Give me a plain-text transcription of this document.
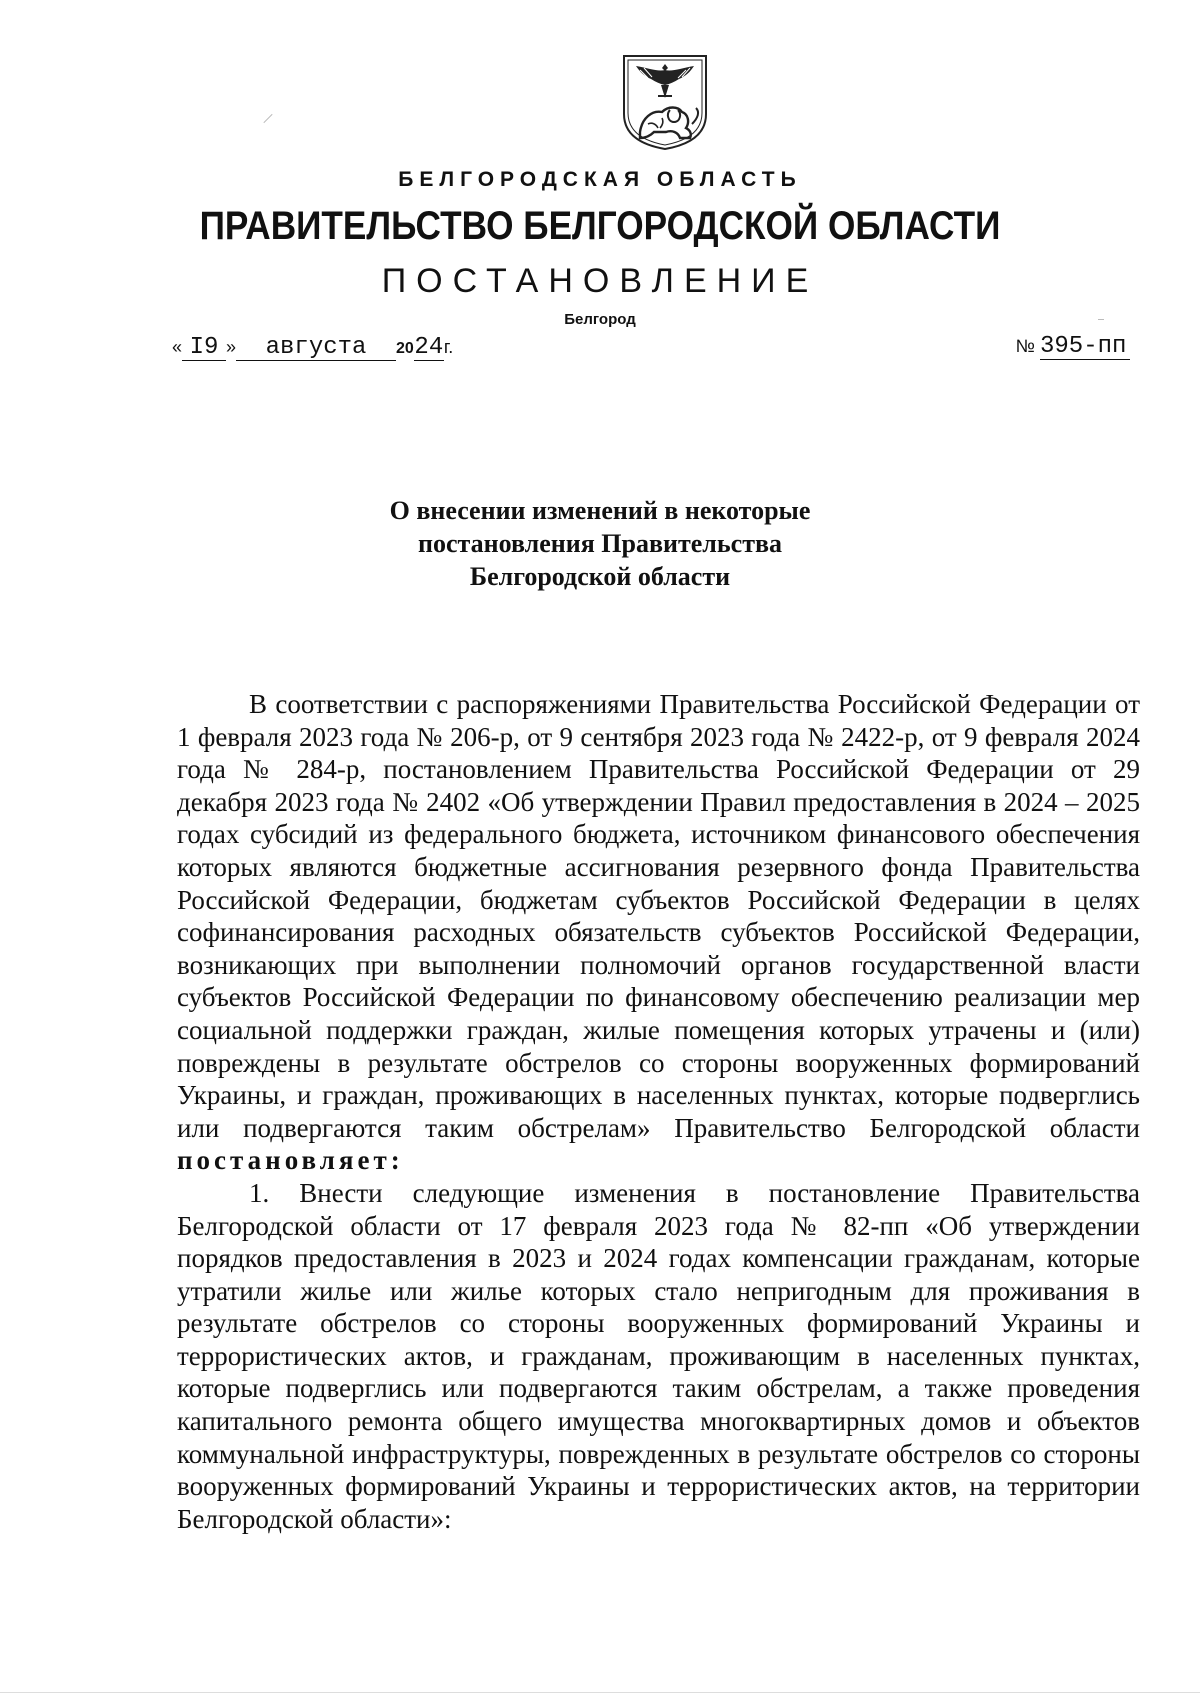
БЕЛГОРОДСКАЯ ОБЛАСТЬ
ПРАВИТЕЛЬСТВО БЕЛГОРОДСКОЙ ОБЛАСТИ
ПОСТАНОВЛЕНИЕ
Белгород
« I9 » августа 2024г.	№ 395-пп
О внесении изменений в некоторые
постановления Правительства
Белгородской области

В соответствии с распоряжениями Правительства Российской Федерации от 1 февраля 2023 года № 206-р, от 9 сентября 2023 года № 2422-р, от 9 февраля 2024 года № 284-р, постановлением Правительства Российской Федерации от 29 декабря 2023 года № 2402 «Об утверждении Правил предоставления в 2024 – 2025 годах субсидий из федерального бюджета, источником финансового обеспечения которых являются бюджетные ассигнования резервного фонда Правительства Российской Федерации, бюджетам субъектов Российской Федерации в целях софинансирования расходных обязательств субъектов Российской Федерации, возникающих при выполнении полномочий органов государственной власти субъектов Российской Федерации по финансовому обеспечению реализации мер социальной поддержки граждан, жилые помещения которых утрачены и (или) повреждены в результате обстрелов со стороны вооруженных формирований Украины, и граждан, проживающих в населенных пунктах, которые подверглись или подвергаются таким обстрелам» Правительство Белгородской области постановляет:

1. Внести следующие изменения в постановление Правительства Белгородской области от 17 февраля 2023 года № 82-пп «Об утверждении порядков предоставления в 2023 и 2024 годах компенсации гражданам, которые утратили жилье или жилье которых стало непригодным для проживания в результате обстрелов со стороны вооруженных формирований Украины и террористических актов, и гражданам, проживающим в населенных пунктах, которые подверглись или подвергаются таким обстрелам, а также проведения капитального ремонта общего имущества многоквартирных домов и объектов коммунальной инфраструктуры, поврежденных в результате обстрелов со стороны вооруженных формирований Украины и террористических актов, на территории Белгородской области»:
